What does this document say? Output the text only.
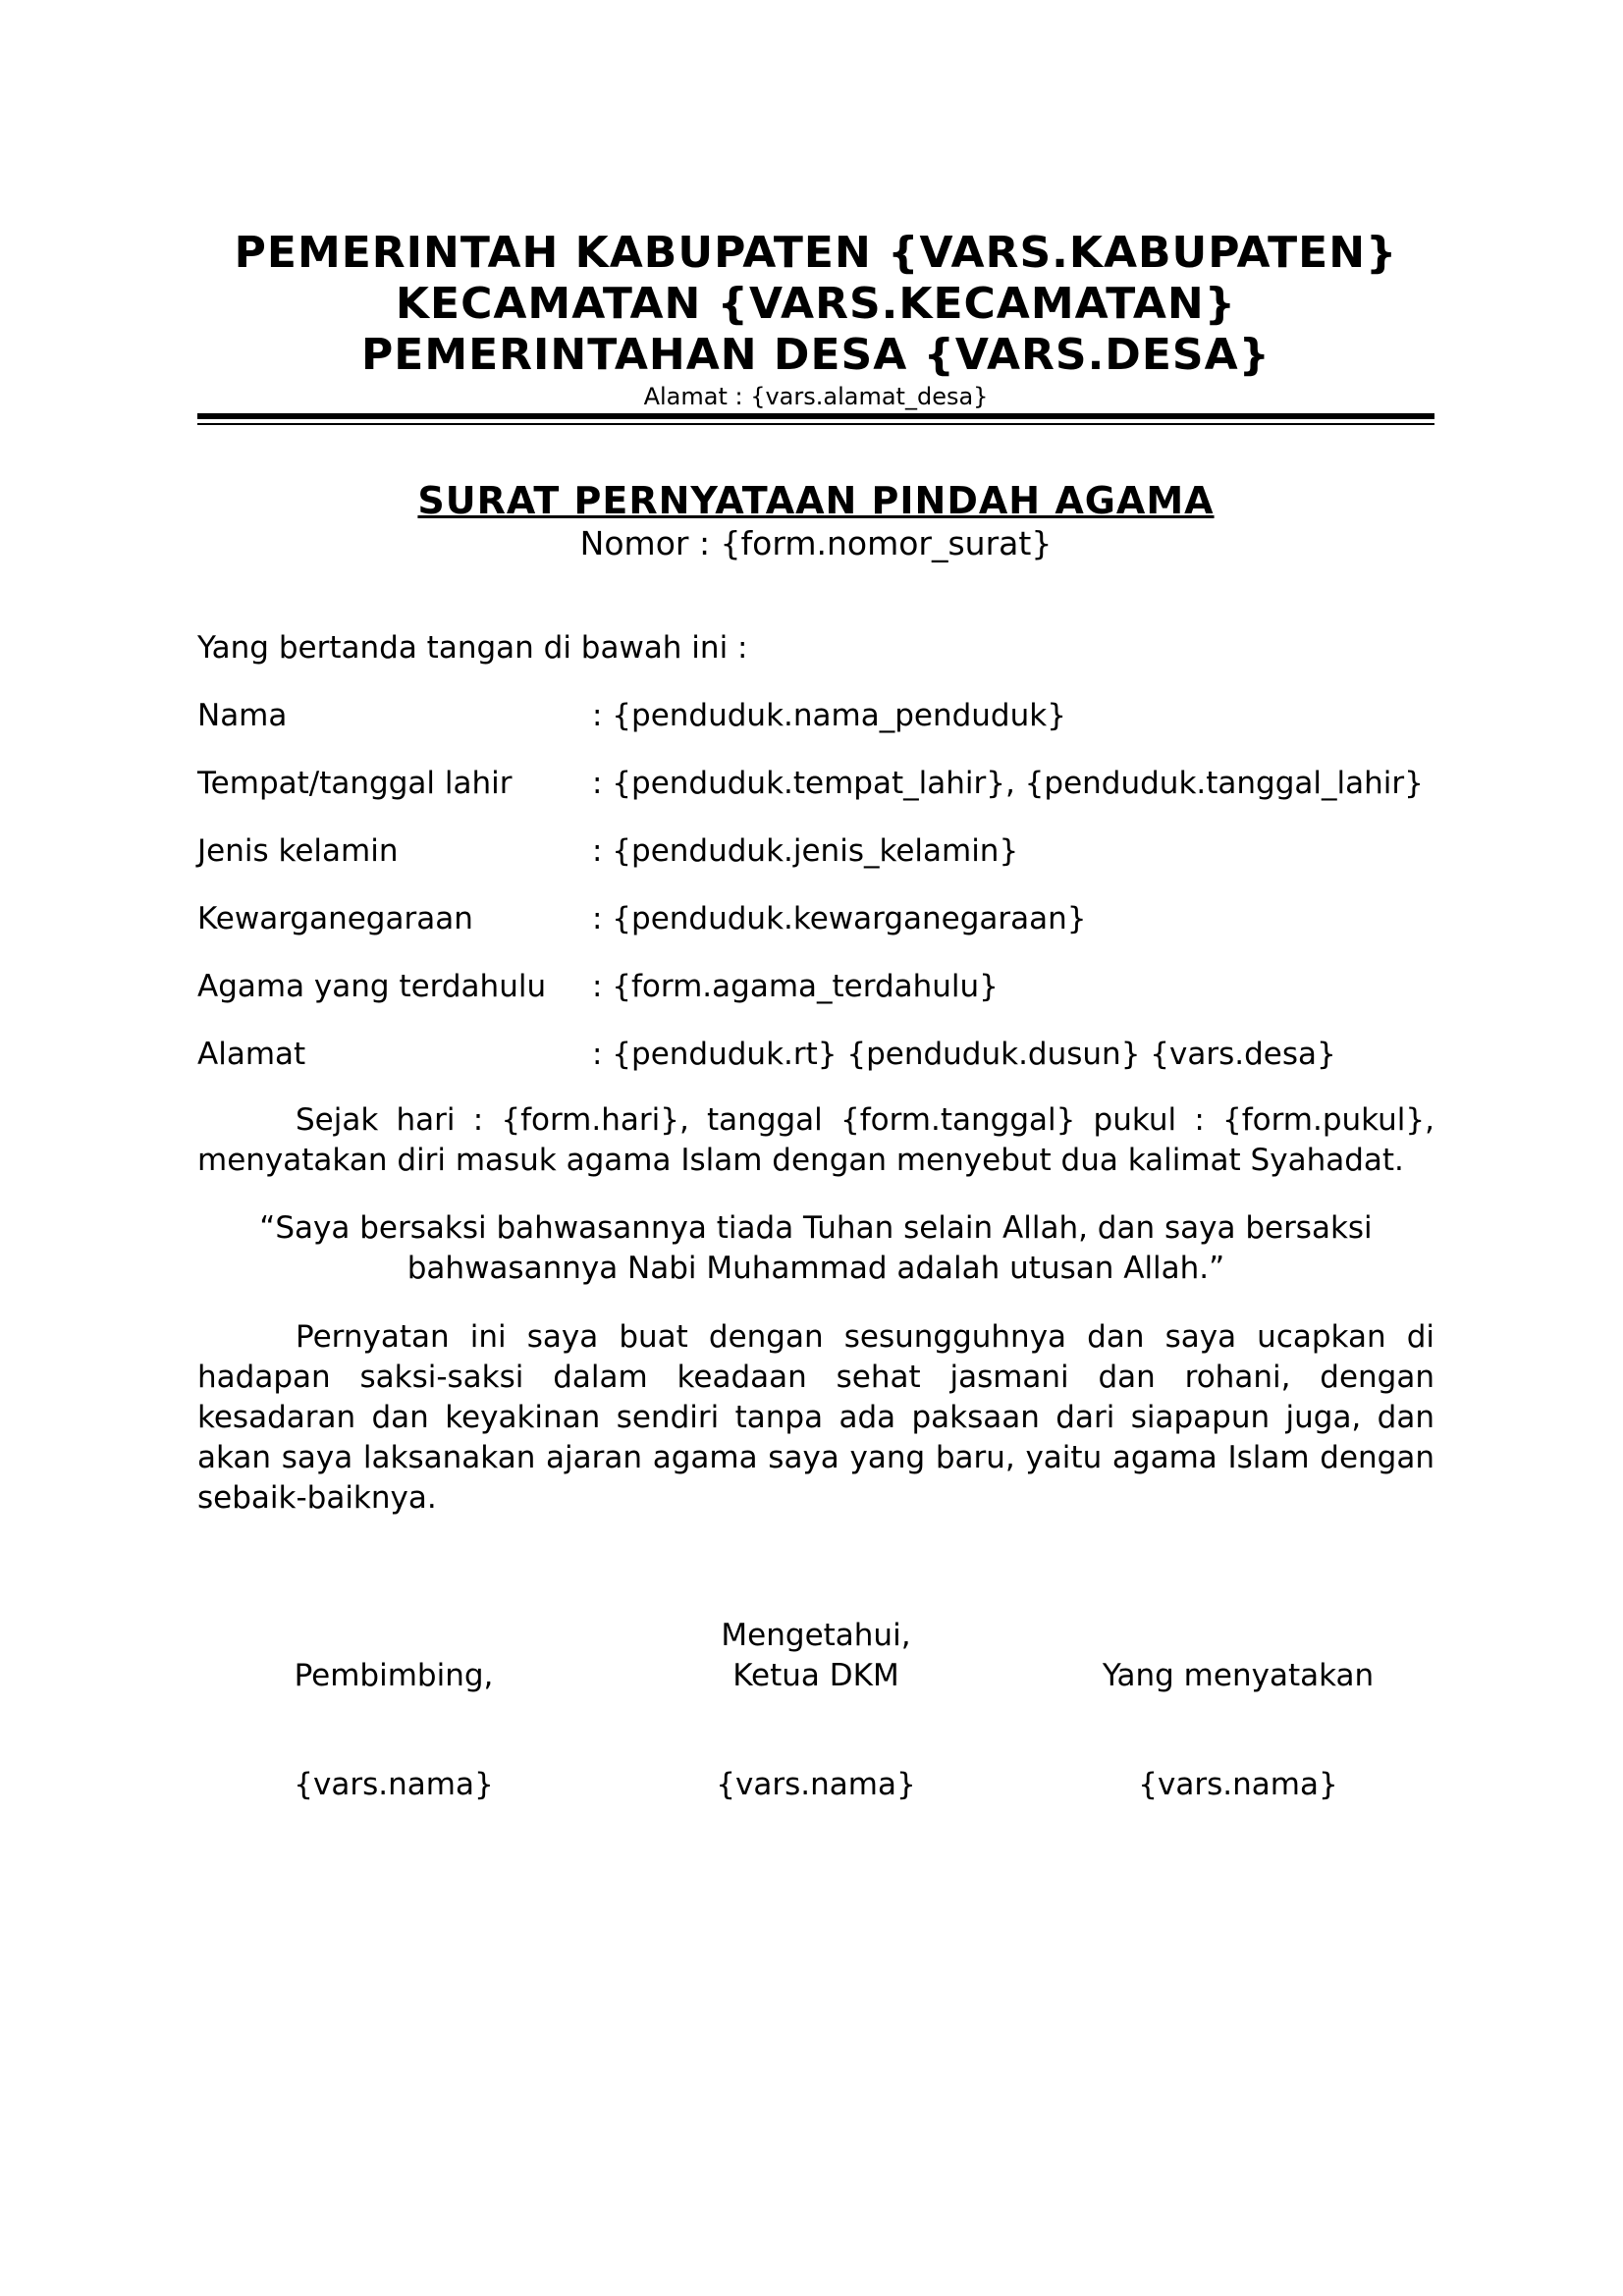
PEMERINTAH KABUPATEN {VARS.KABUPATEN}
KECAMATAN {VARS.KECAMATAN}
PEMERINTAHAN DESA {VARS.DESA}
Alamat : {vars.alamat_desa}
SURAT PERNYATAAN PINDAH AGAMA
Nomor : {form.nomor_surat}
Yang bertanda tangan di bawah ini :
Nama	: {penduduk.nama_penduduk}
Tempat/tanggal lahir	: {penduduk.tempat_lahir}, {penduduk.tanggal_lahir}
Jenis kelamin	: {penduduk.jenis_kelamin}
Kewarganegaraan	: {penduduk.kewarganegaraan}
Agama yang terdahulu	: {form.agama_terdahulu}
Alamat	: {penduduk.rt} {penduduk.dusun} {vars.desa}
Sejak hari : {form.hari}, tanggal {form.tanggal} pukul : {form.pukul}, menyatakan diri masuk agama Islam dengan menyebut dua kalimat Syahadat.
“Saya bersaksi bahwasannya tiada Tuhan selain Allah, dan saya bersaksi bahwasannya Nabi Muhammad adalah utusan Allah.”
Pernyatan ini saya buat dengan sesungguhnya dan saya ucapkan di hadapan saksi-saksi dalam keadaan sehat jasmani dan rohani, dengan kesadaran dan keyakinan sendiri tanpa ada paksaan dari siapapun juga, dan akan saya laksanakan ajaran agama saya yang baru, yaitu agama Islam dengan sebaik-baiknya.
Pembimbing,
{vars.nama}
Mengetahui,
Ketua DKM
{vars.nama}
Yang menyatakan
{vars.nama}
